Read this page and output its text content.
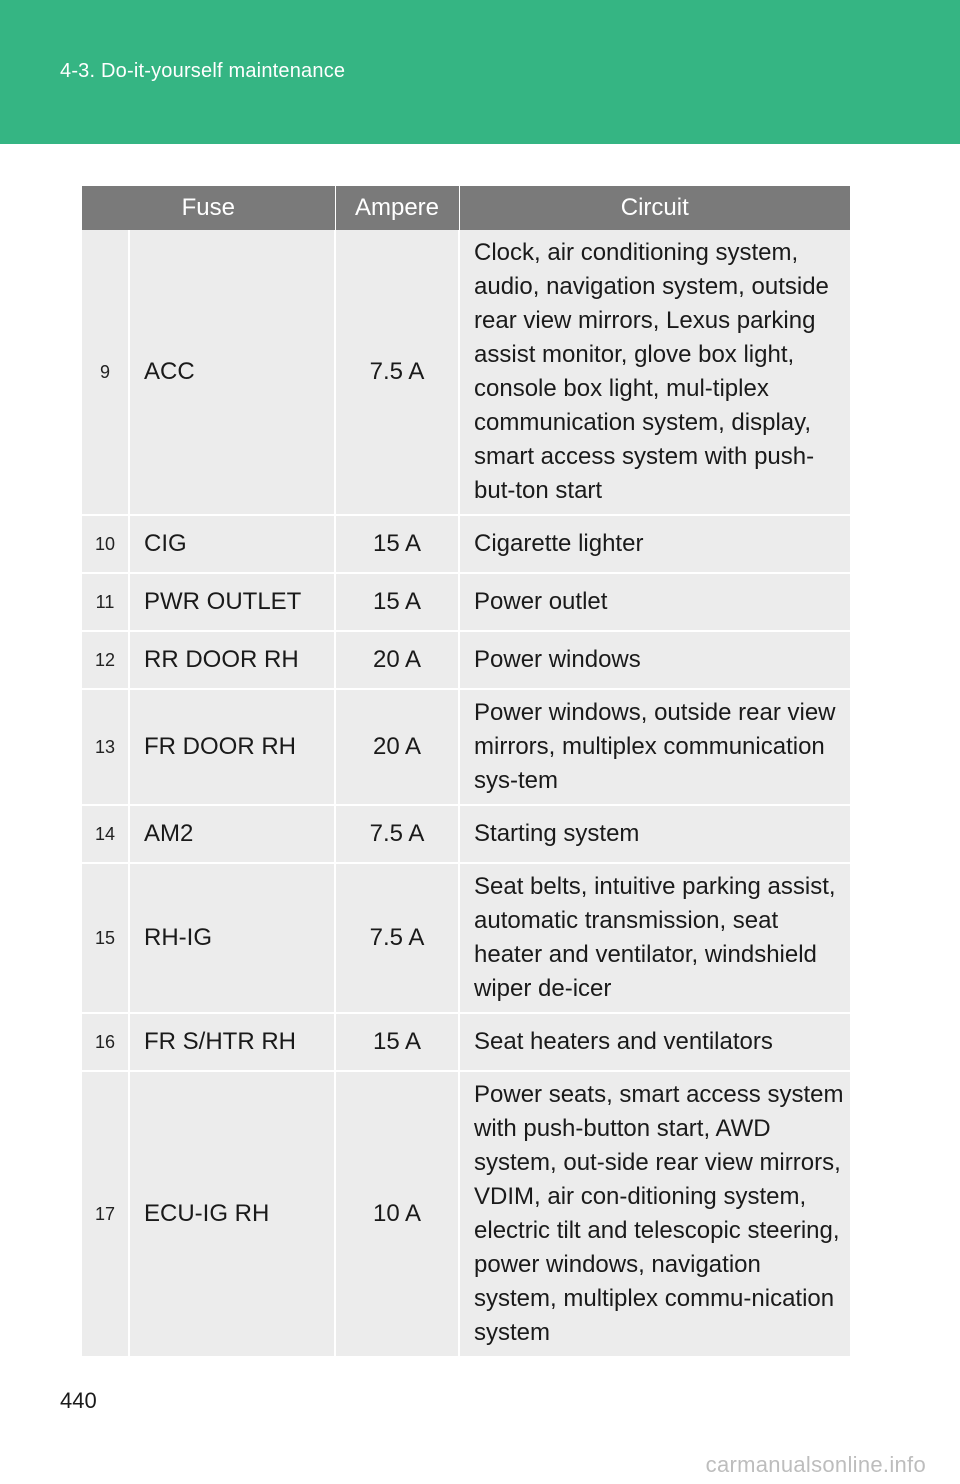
4-3. Do-it-yourself maintenance
Fuse		Ampere	Circuit
9	ACC	7.5 A	Clock, air conditioning system, audio, navigation system, outside rear view mirrors, Lexus parking assist monitor, glove box light, console box light, mul-tiplex communication system, display, smart access system with push-but-ton start
10	CIG	15 A	Cigarette lighter
11	PWR OUTLET	15 A	Power outlet
12	RR DOOR RH	20 A	Power windows
13	FR DOOR RH	20 A	Power windows, outside rear view mirrors, multiplex communication sys-tem
14	AM2	7.5 A	Starting system
15	RH-IG	7.5 A	Seat belts, intuitive parking assist, automatic transmission, seat heater and ventilator, windshield wiper de-icer
16	FR S/HTR RH	15 A	Seat heaters and ventilators
17	ECU-IG RH	10 A	Power seats, smart access system with push-button start, AWD system, out-side rear view mirrors, VDIM, air con-ditioning system, electric tilt and telescopic steering, power windows, navigation system, multiplex commu-nication system
440
carmanualsonline.info
